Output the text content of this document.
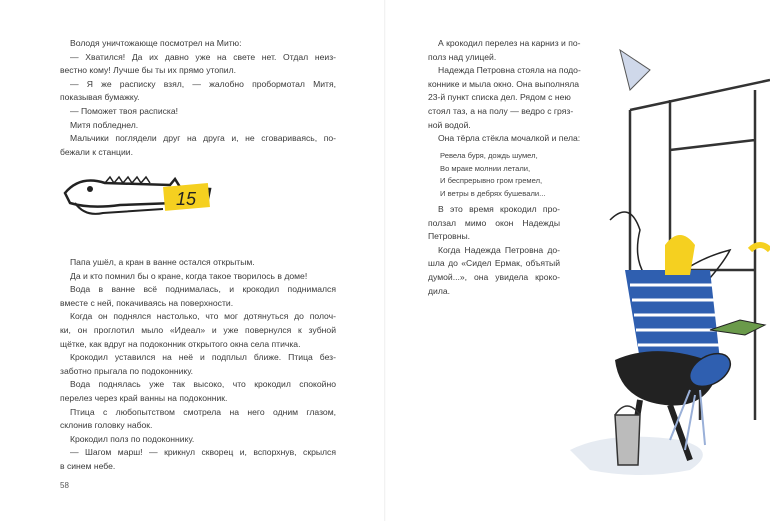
Володя уничтожающе посмотрел на Митю:
— Хватился! Да их давно уже на свете нет. Отдал неиз-
вестно кому! Лучше бы ты их прямо утопил.
— Я же расписку взял, — жалобно пробормотал Митя,
показывая бумажку.
— Поможет твоя расписка!
Митя побледнел.
Мальчики поглядели друг на друга и, не сговариваясь, по-
бежали к станции.
15
Папа ушёл, а кран в ванне остался открытым.
Да и кто помнил бы о кране, когда такое творилось в доме!
Вода в ванне всё поднималась, и крокодил поднимался
вместе с ней, покачиваясь на поверхности.
Когда он поднялся настолько, что мог дотянуться до полоч-
ки, он проглотил мыло «Идеал» и уже повернулся к зубной
щётке, как вдруг на подоконник открытого окна села птичка.
Крокодил уставился на неё и подплыл ближе. Птица без-
заботно прыгала по подоконнику.
Вода поднялась уже так высоко, что крокодил спокойно
перелез через край ванны на подоконник.
Птица с любопытством смотрела на него одним глазом,
склонив головку набок.
Крокодил полз по подоконнику.
— Шагом марш! — крикнул скворец и, вспорхнув, скрылся
в синем небе.
58
А крокодил перелез на карниз и по-
полз над улицей.
Надежда Петровна стояла на подо-
коннике и мыла окно. Она выполняла
23-й пункт списка дел. Рядом с нею
стоял таз, а на полу — ведро с гряз-
ной водой.
Она тёрла стёкла мочалкой и пела:
Ревела буря, дождь шумел,
Во мраке молнии летали,
И беспрерывно гром гремел,
И ветры в дебрях бушевали...
В это время крокодил про-
ползал мимо окон Надежды
Петровны.
Когда Надежда Петровна до-
шла до «Сидел Ермак, объятый
думой...», она увидела кроко-
дила.
